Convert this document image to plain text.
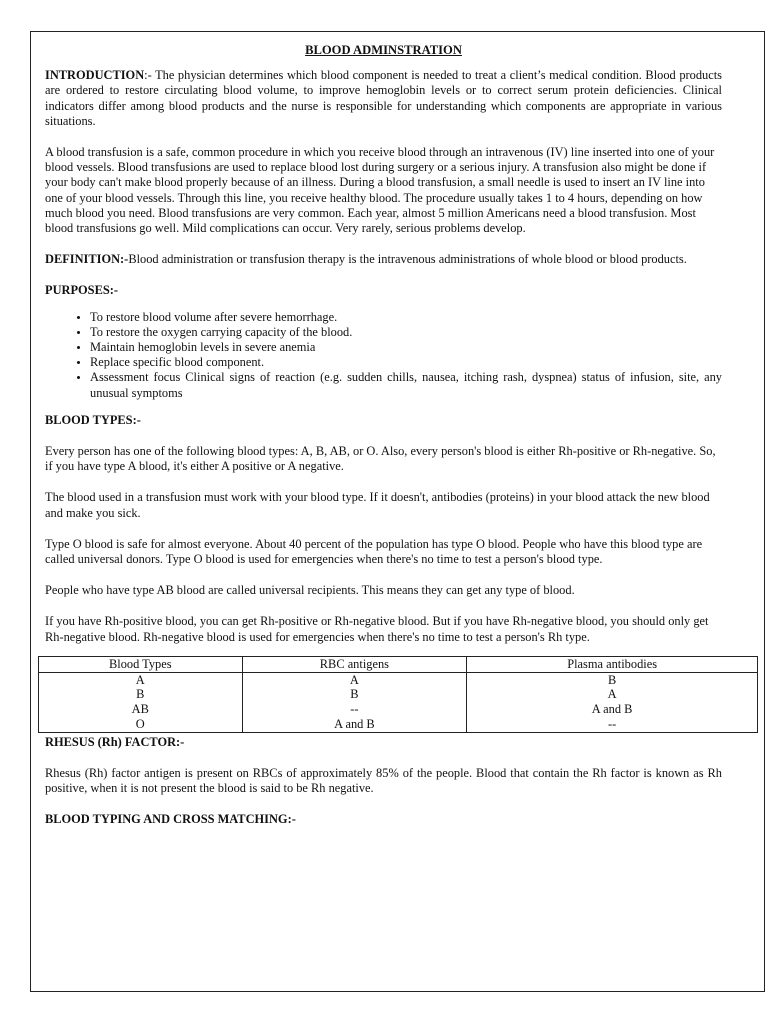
BLOOD ADMINSTRATION

INTRODUCTION:- The physician determines which blood component is needed to treat a client’s medical condition. Blood products are ordered to restore circulating blood volume, to improve hemoglobin levels or to correct serum protein deficiencies. Clinical indicators differ among blood products and the nurse is responsible for understanding which components are appropriate in various situations.

A blood transfusion is a safe, common procedure in which you receive blood through an intravenous (IV) line inserted into one of your blood vessels. Blood transfusions are used to replace blood lost during surgery or a serious injury. A transfusion also might be done if your body can't make blood properly because of an illness. During a blood transfusion, a small needle is used to insert an IV line into one of your blood vessels. Through this line, you receive healthy blood. The procedure usually takes 1 to 4 hours, depending on how much blood you need. Blood transfusions are very common. Each year, almost 5 million Americans need a blood transfusion. Most blood transfusions go well. Mild complications can occur. Very rarely, serious problems develop.

DEFINITION:-Blood administration or transfusion therapy is the intravenous administrations of whole blood or blood products.

PURPOSES:-

• To restore blood volume after severe hemorrhage.
• To restore the oxygen carrying capacity of the blood.
• Maintain hemoglobin levels in severe anemia
• Replace specific blood component.
• Assessment focus Clinical signs of reaction (e.g. sudden chills, nausea, itching rash, dyspnea) status of infusion, site, any unusual symptoms

BLOOD TYPES:-

Every person has one of the following blood types: A, B, AB, or O. Also, every person's blood is either Rh-positive or Rh-negative. So, if you have type A blood, it's either A positive or A negative.

The blood used in a transfusion must work with your blood type. If it doesn't, antibodies (proteins) in your blood attack the new blood and make you sick.

Type O blood is safe for almost everyone. About 40 percent of the population has type O blood. People who have this blood type are called universal donors. Type O blood is used for emergencies when there's no time to test a person's blood type.

People who have type AB blood are called universal recipients. This means they can get any type of blood.

If you have Rh-positive blood, you can get Rh-positive or Rh-negative blood. But if you have Rh-negative blood, you should only get Rh-negative blood. Rh-negative blood is used for emergencies when there's no time to test a person's Rh type.

Blood Types	RBC antigens	Plasma antibodies
A	A	B
B	B	A
AB	--	A and B
O	A and B	--

RHESUS (Rh) FACTOR:-

Rhesus (Rh) factor antigen is present on RBCs of approximately 85% of the people. Blood that contain the Rh factor is known as Rh positive, when it is not present the blood is said to be Rh negative.

BLOOD TYPING AND CROSS MATCHING:-
